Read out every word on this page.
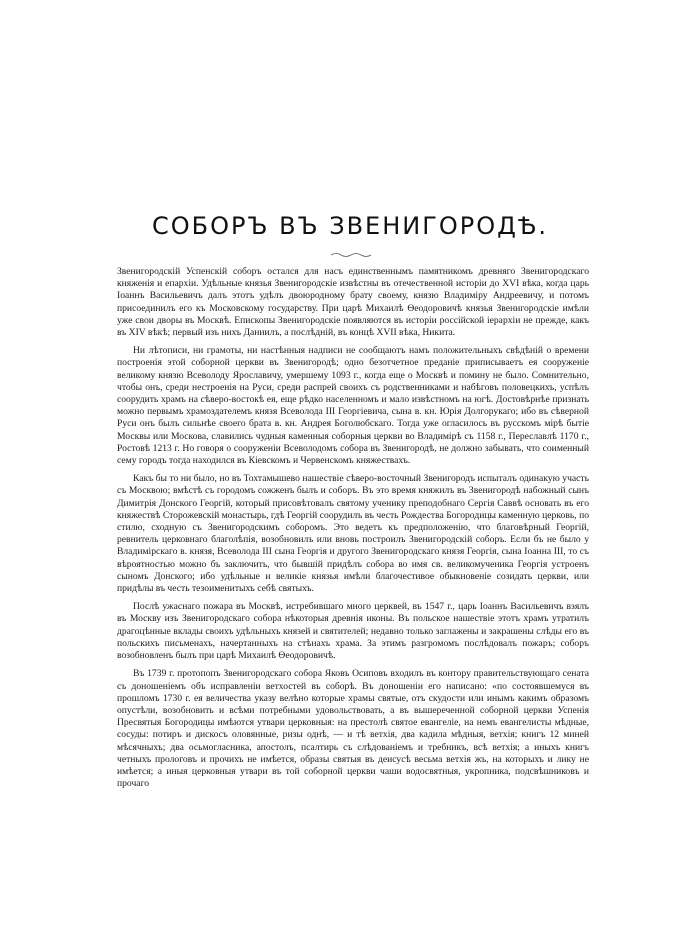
СОБОРЪ ВЪ ЗВЕНИГОРОДѢ.

Звенигородскій Успенскій соборъ остался для насъ единственнымъ памятникомъ древняго Звенигородскаго княженія и епархіи. Удѣльные князья Звенигородскіе извѣстны въ отечественной исторіи до XVI вѣка, когда царь Іоаннъ Васильевичъ далъ этотъ удѣлъ двоюродному брату своему, князю Владиміру Андреевичу, и потомъ присоединилъ его къ Московскому государству. При царѣ Михаилѣ Ѳеодоровичѣ князья Звенигородскіе имѣли уже свои дворы въ Москвѣ. Епископы Звенигородскіе появляются въ исторіи россійской іерархіи не прежде, какъ въ XIV вѣкѣ; первый изъ нихъ Даниилъ, а послѣдній, въ концѣ XVII вѣка, Никита.

Ни лѣтописи, ни грамоты, ни настѣнныя надписи не сообщаютъ намъ положительныхъ свѣдѣній о времени построенія этой соборной церкви въ Звенигородѣ; одно безотчетное преданіе приписываетъ ея сооруженіе великому князю Всеволоду Ярославичу, умершему 1093 г., когда еще о Москвѣ и помину не было. Сомнительно, чтобы онъ, среди нестроенія на Руси, среди распрей своихъ съ родственниками и набѣговъ половецкихъ, успѣлъ соорудить храмъ на сѣверо-востокѣ ея, еще рѣдко населенномъ и мало извѣстномъ на югѣ. Достовѣрнѣе признать можно первымъ храмоздателемъ князя Всеволода III Георгіевича, сына в. кн. Юрія Долгорукаго; ибо въ сѣверной Руси онъ былъ сильнѣе своего брата в. кн. Андрея Боголюбскаго. Тогда уже огласилось въ русскомъ мірѣ бытіе Москвы или Москова, славились чудныя каменныя соборныя церкви во Владимірѣ съ 1158 г., Переславлѣ 1170 г., Ростовѣ 1213 г. Но говоря о сооруженіи Всеволодомъ собора въ Звенигородѣ, не должно забывать, что соименный сему городъ тогда находился въ Кіевскомъ и Червенскомъ княжествахъ.

Какъ бы то ни было, но въ Тохтамышево нашествіе сѣверо-восточный Звенигородъ испыталъ одинакую участь съ Москвою; вмѣстѣ съ городомъ сожженъ былъ и соборъ. Въ это время княжилъ въ Звенигородѣ набожный сынъ Димитрія Донского Георгій, который присовѣтовалъ святому ученику преподобнаго Сергія Саввѣ основать въ его княжествѣ Сторожевскій монастырь, гдѣ Георгій соорудилъ въ честь Рождества Богородицы каменную церковь, по стилю, сходную съ Звенигородскимъ соборомъ. Это ведетъ къ предположенію, что благовѣрный Георгій, ревнитель церковнаго благолѣпія, возобновилъ или вновь построилъ Звенигородскій соборъ. Если бъ не было у Владимірскаго в. князя, Всеволода III сына Георгія и другого Звенигородскаго князя Георгія, сына Іоанна III, то съ вѣроятностью можно бъ заключить, что бывшій придѣлъ собора во имя св. великомученика Георгія устроенъ сыномъ Донского; ибо удѣльные и великіе князья имѣли благочестивое обыкновеніе созидать церкви, или придѣлы въ честь тезоименитыхъ себѣ святыхъ.

Послѣ ужаснаго пожара въ Москвѣ, истребившаго много церквей, въ 1547 г., царь Іоаннъ Васильевичъ взялъ въ Москву изъ Звенигородскаго собора нѣкоторыя древнія иконы. Въ польское нашествіе этотъ храмъ утратилъ драгоцѣнные вклады своихъ удѣльныхъ князей и святителей; недавно только заглажены и закрашены слѣды его въ польскихъ письменахъ, начертанныхъ на стѣнахъ храма. За этимъ разгромомъ послѣдовалъ пожаръ; соборъ возобновленъ былъ при царѣ Михаилѣ Ѳеодоровичѣ.

Въ 1739 г. протопопъ Звенигородскаго собора Яковъ Осиповъ входилъ въ контору правительствующаго сената съ доношеніемъ объ исправленіи ветхостей въ соборѣ. Въ доношеніи его написано: «по состоявшемуся въ прошломъ 1730 г. ея величества указу велѣно которые храмы святые, отъ скудости или инымъ какимъ образомъ опустѣли, возобновить и всѣми потребными удовольствовать, а въ вышереченной соборной церкви Успенія Пресвятыя Богородицы имѣются утвари церковныя: на престолѣ святое евангеліе, на немъ евангелисты мѣдные, сосуды: потиръ и дискосъ оловянные, ризы однѣ, — и тѣ ветхія, два кадила мѣдныя, ветхія; книгъ 12 миней мѣсячныхъ; два осьмогласника, апостолъ, псалтирь съ слѣдованіемъ и требникъ, всѣ ветхія; а иныхъ книгъ четныхъ прологовъ и прочихъ не имѣется, образы святыя въ деисусѣ весьма ветхія жъ, на которыхъ и лику не имѣется; а иныя церковныя утвари въ той соборной церкви чаши водосвятныя, укропника, подсвѣшниковъ и прочаго
